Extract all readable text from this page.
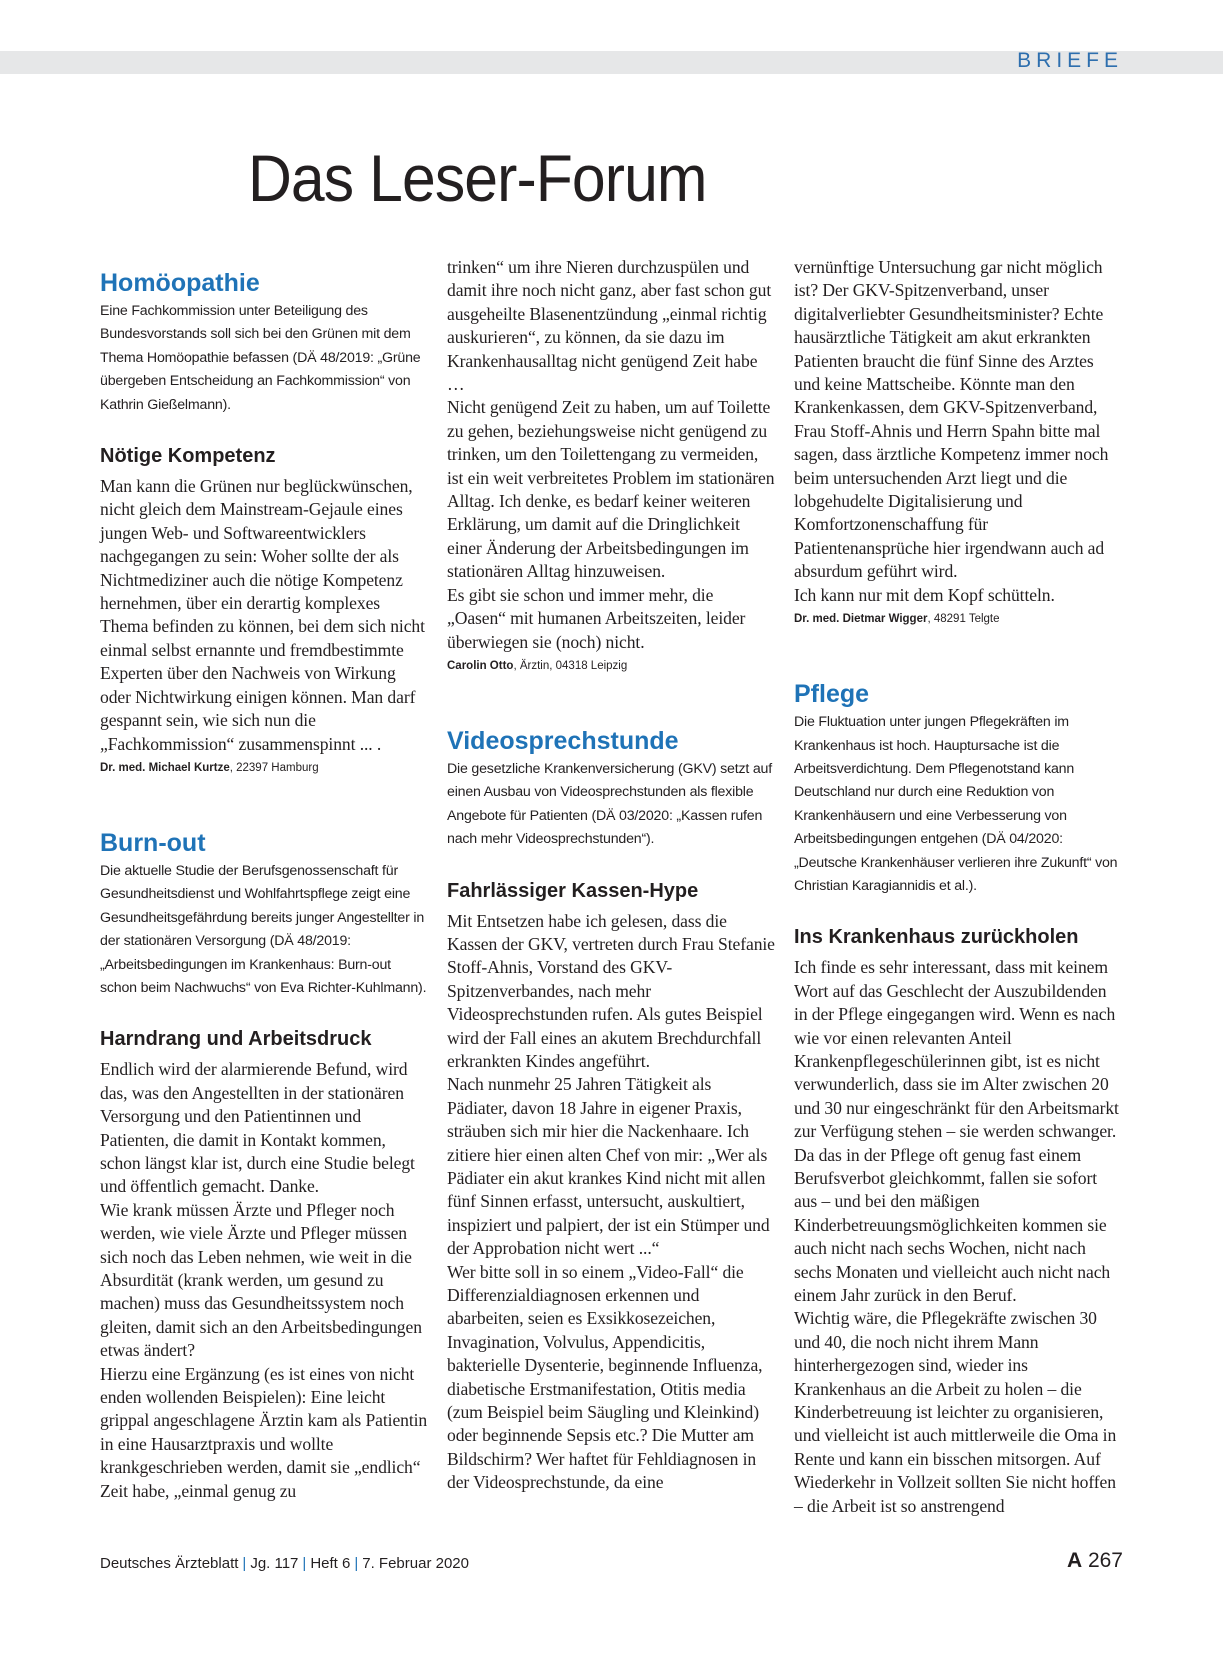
BRIEFE
Das Leser-Forum
Homöopathie

Eine Fachkommission unter Beteiligung des Bundesvorstands soll sich bei den Grünen mit dem Thema Homöopathie befassen (DÄ 48/2019: „Grüne übergeben Entscheidung an Fachkommission“ von Kathrin Gießelmann).

Nötige Kompetenz

Man kann die Grünen nur beglückwünschen, nicht gleich dem Mainstream-Gejaule eines jungen Web- und Softwareentwicklers nachgegangen zu sein: Woher sollte der als Nichtmediziner auch die nötige Kompetenz hernehmen, über ein derartig komplexes Thema befinden zu können, bei dem sich nicht einmal selbst ernannte und fremdbestimmte Experten über den Nachweis von Wirkung oder Nichtwirkung einigen können. Man darf gespannt sein, wie sich nun die „Fachkommission“ zusammenspinnt ... .

Dr. med. Michael Kurtze, 22397 Hamburg

Burn-out

Die aktuelle Studie der Berufsgenossenschaft für Gesundheitsdienst und Wohlfahrtspflege zeigt eine Gesundheitsgefährdung bereits junger Angestellter in der stationären Versorgung (DÄ 48/2019: „Arbeitsbedingungen im Krankenhaus: Burn-out schon beim Nachwuchs“ von Eva Richter-Kuhlmann).

Harndrang und Arbeitsdruck

Endlich wird der alarmierende Befund, wird das, was den Angestellten in der stationären Versorgung und den Patientinnen und Patienten, die damit in Kontakt kommen, schon längst klar ist, durch eine Studie belegt und öffentlich gemacht. Danke.

Wie krank müssen Ärzte und Pfleger noch werden, wie viele Ärzte und Pfleger müssen sich noch das Leben nehmen, wie weit in die Absurdität (krank werden, um gesund zu machen) muss das Gesundheitssystem noch gleiten, damit sich an den Arbeitsbedingungen etwas ändert?

Hierzu eine Ergänzung (es ist eines von nicht enden wollenden Beispielen): Eine leicht grippal angeschlagene Ärztin kam als Patientin in eine Hausarztpraxis und wollte krankgeschrieben werden, damit sie „endlich“ Zeit habe, „einmal genug zu

trinken“ um ihre Nieren durchzuspülen und damit ihre noch nicht ganz, aber fast schon gut ausgeheilte Blasenentzündung „einmal richtig auskurieren“, zu können, da sie dazu im Krankenhausalltag nicht genügend Zeit habe …

Nicht genügend Zeit zu haben, um auf Toilette zu gehen, beziehungsweise nicht genügend zu trinken, um den Toilettengang zu vermeiden, ist ein weit verbreitetes Problem im stationären Alltag. Ich denke, es bedarf keiner weiteren Erklärung, um damit auf die Dringlichkeit einer Änderung der Arbeitsbedingungen im stationären Alltag hinzuweisen.

Es gibt sie schon und immer mehr, die „Oasen“ mit humanen Arbeitszeiten, leider überwiegen sie (noch) nicht.

Carolin Otto, Ärztin, 04318 Leipzig

Videosprechstunde

Die gesetzliche Krankenversicherung (GKV) setzt auf einen Ausbau von Videosprechstunden als flexible Angebote für Patienten (DÄ 03/2020: „Kassen rufen nach mehr Videosprechstunden“).

Fahrlässiger Kassen-Hype

Mit Entsetzen habe ich gelesen, dass die Kassen der GKV, vertreten durch Frau Stefanie Stoff-Ahnis, Vorstand des GKV-Spitzenverbandes, nach mehr Videosprechstunden rufen. Als gutes Beispiel wird der Fall eines an akutem Brechdurchfall erkrankten Kindes angeführt.

Nach nunmehr 25 Jahren Tätigkeit als Pädiater, davon 18 Jahre in eigener Praxis, sträuben sich mir hier die Nackenhaare. Ich zitiere hier einen alten Chef von mir: „Wer als Pädiater ein akut krankes Kind nicht mit allen fünf Sinnen erfasst, untersucht, auskultiert, inspiziert und palpiert, der ist ein Stümper und der Approbation nicht wert ...“

Wer bitte soll in so einem „Video-Fall“ die Differenzialdiagnosen erkennen und abarbeiten, seien es Exsikkosezeichen, Invagination, Volvulus, Appendicitis, bakterielle Dysenterie, beginnende Influenza, diabetische Erstmanifestation, Otitis media (zum Beispiel beim Säugling und Kleinkind) oder beginnende Sepsis etc.? Die Mutter am Bildschirm? Wer haftet für Fehldiagnosen in der Videosprechstunde, da eine

vernünftige Untersuchung gar nicht möglich ist? Der GKV-Spitzenverband, unser digitalverliebter Gesundheitsminister? Echte hausärztliche Tätigkeit am akut erkrankten Patienten braucht die fünf Sinne des Arztes und keine Mattscheibe. Könnte man den Krankenkassen, dem GKV-Spitzenverband, Frau Stoff-Ahnis und Herrn Spahn bitte mal sagen, dass ärztliche Kompetenz immer noch beim untersuchenden Arzt liegt und die lobgehudelte Digitalisierung und Komfortzonenschaffung für Patientenansprüche hier irgendwann auch ad absurdum geführt wird.

Ich kann nur mit dem Kopf schütteln.

Dr. med. Dietmar Wigger, 48291 Telgte

Pflege

Die Fluktuation unter jungen Pflegekräften im Krankenhaus ist hoch. Hauptursache ist die Arbeitsverdichtung. Dem Pflegenotstand kann Deutschland nur durch eine Reduktion von Krankenhäusern und eine Verbesserung von Arbeitsbedingungen entgehen (DÄ 04/2020: „Deutsche Krankenhäuser verlieren ihre Zukunft“ von Christian Karagiannidis et al.).

Ins Krankenhaus zurückholen

Ich finde es sehr interessant, dass mit keinem Wort auf das Geschlecht der Auszubildenden in der Pflege eingegangen wird. Wenn es nach wie vor einen relevanten Anteil Krankenpflegeschülerinnen gibt, ist es nicht verwunderlich, dass sie im Alter zwischen 20 und 30 nur eingeschränkt für den Arbeitsmarkt zur Verfügung stehen – sie werden schwanger. Da das in der Pflege oft genug fast einem Berufsverbot gleichkommt, fallen sie sofort aus – und bei den mäßigen Kinderbetreuungsmöglichkeiten kommen sie auch nicht nach sechs Wochen, nicht nach sechs Monaten und vielleicht auch nicht nach einem Jahr zurück in den Beruf.

Wichtig wäre, die Pflegekräfte zwischen 30 und 40, die noch nicht ihrem Mann hinterhergezogen sind, wieder ins Krankenhaus an die Arbeit zu holen – die Kinderbetreuung ist leichter zu organisieren, und vielleicht ist auch mittlerweile die Oma in Rente und kann ein bisschen mitsorgen. Auf Wiederkehr in Vollzeit sollten Sie nicht hoffen – die Arbeit ist so anstrengend

Deutsches Ärzteblatt | Jg. 117 | Heft 6 | 7. Februar 2020	A 267
